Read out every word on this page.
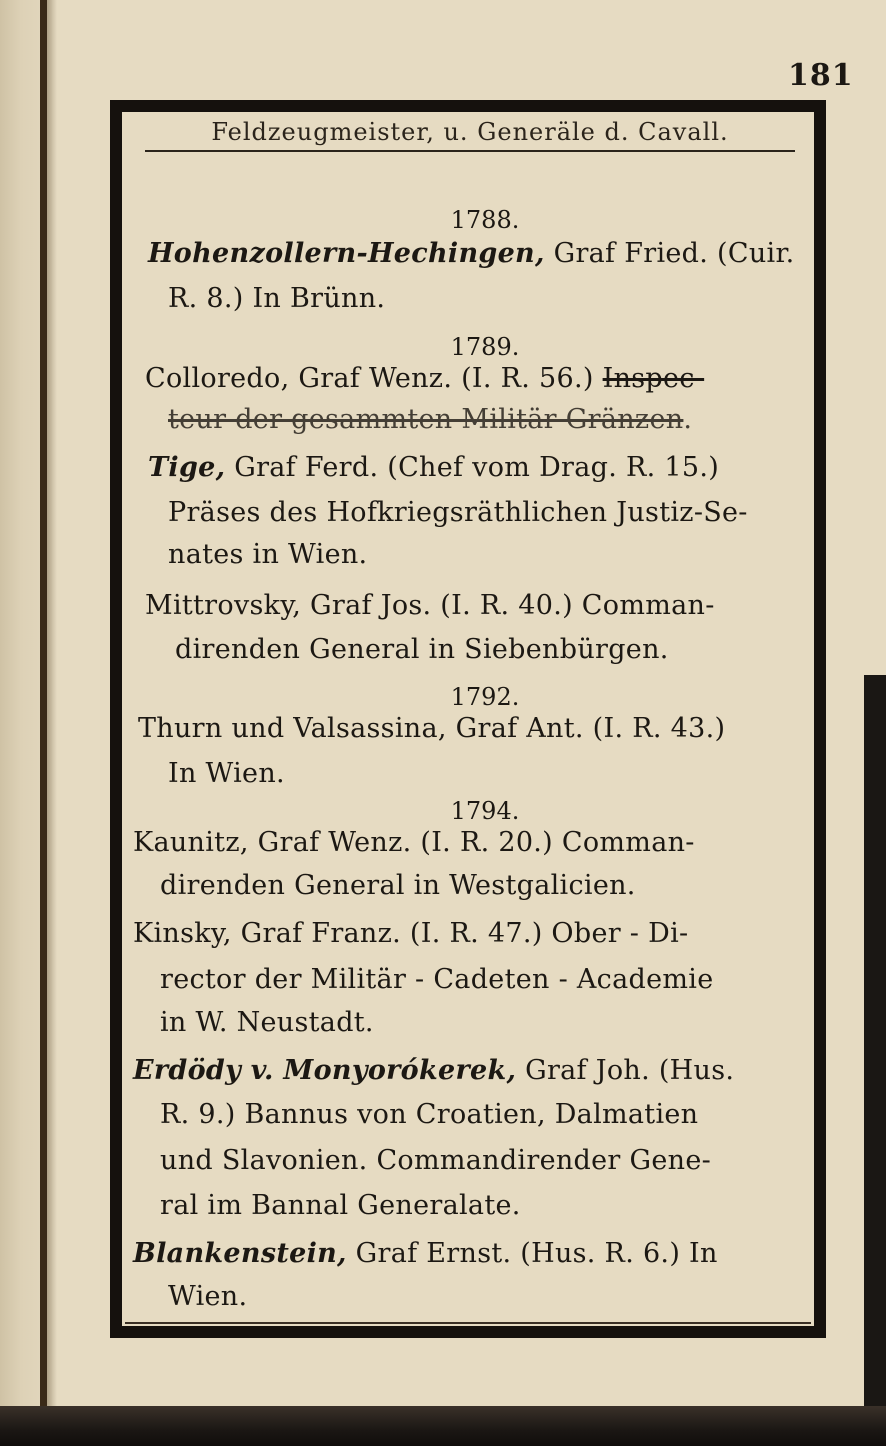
181
Feldzeugmeister, u. Generäle d. Cavall.
1788.
Hohenzollern-Hechingen, Graf Fried. (Cuir.
R. 8.) In Brünn.
1789.
Colloredo, Graf Wenz. (I. R. 56.) Inspec-
teur der gesammten Militär Gränzen.
Tige, Graf Ferd. (Chef vom Drag. R. 15.)
Präses des Hofkriegsräthlichen Justiz-Se-
nates in Wien.
Mittrovsky, Graf Jos. (I. R. 40.) Comman-
direnden General in Siebenbürgen.
1792.
Thurn und Valsassina, Graf Ant. (I. R. 43.)
In Wien.
1794.
Kaunitz, Graf Wenz. (I. R. 20.) Comman-
direnden General in Westgalicien.
Kinsky, Graf Franz. (I. R. 47.) Ober - Di-
rector der Militär - Cadeten - Academie
in W. Neustadt.
Erdödy v. Monyorókerek, Graf Joh. (Hus.
R. 9.) Bannus von Croatien, Dalmatien
und Slavonien. Commandirender Gene-
ral im Bannal Generalate.
Blankenstein, Graf Ernst. (Hus. R. 6.) In
Wien.
